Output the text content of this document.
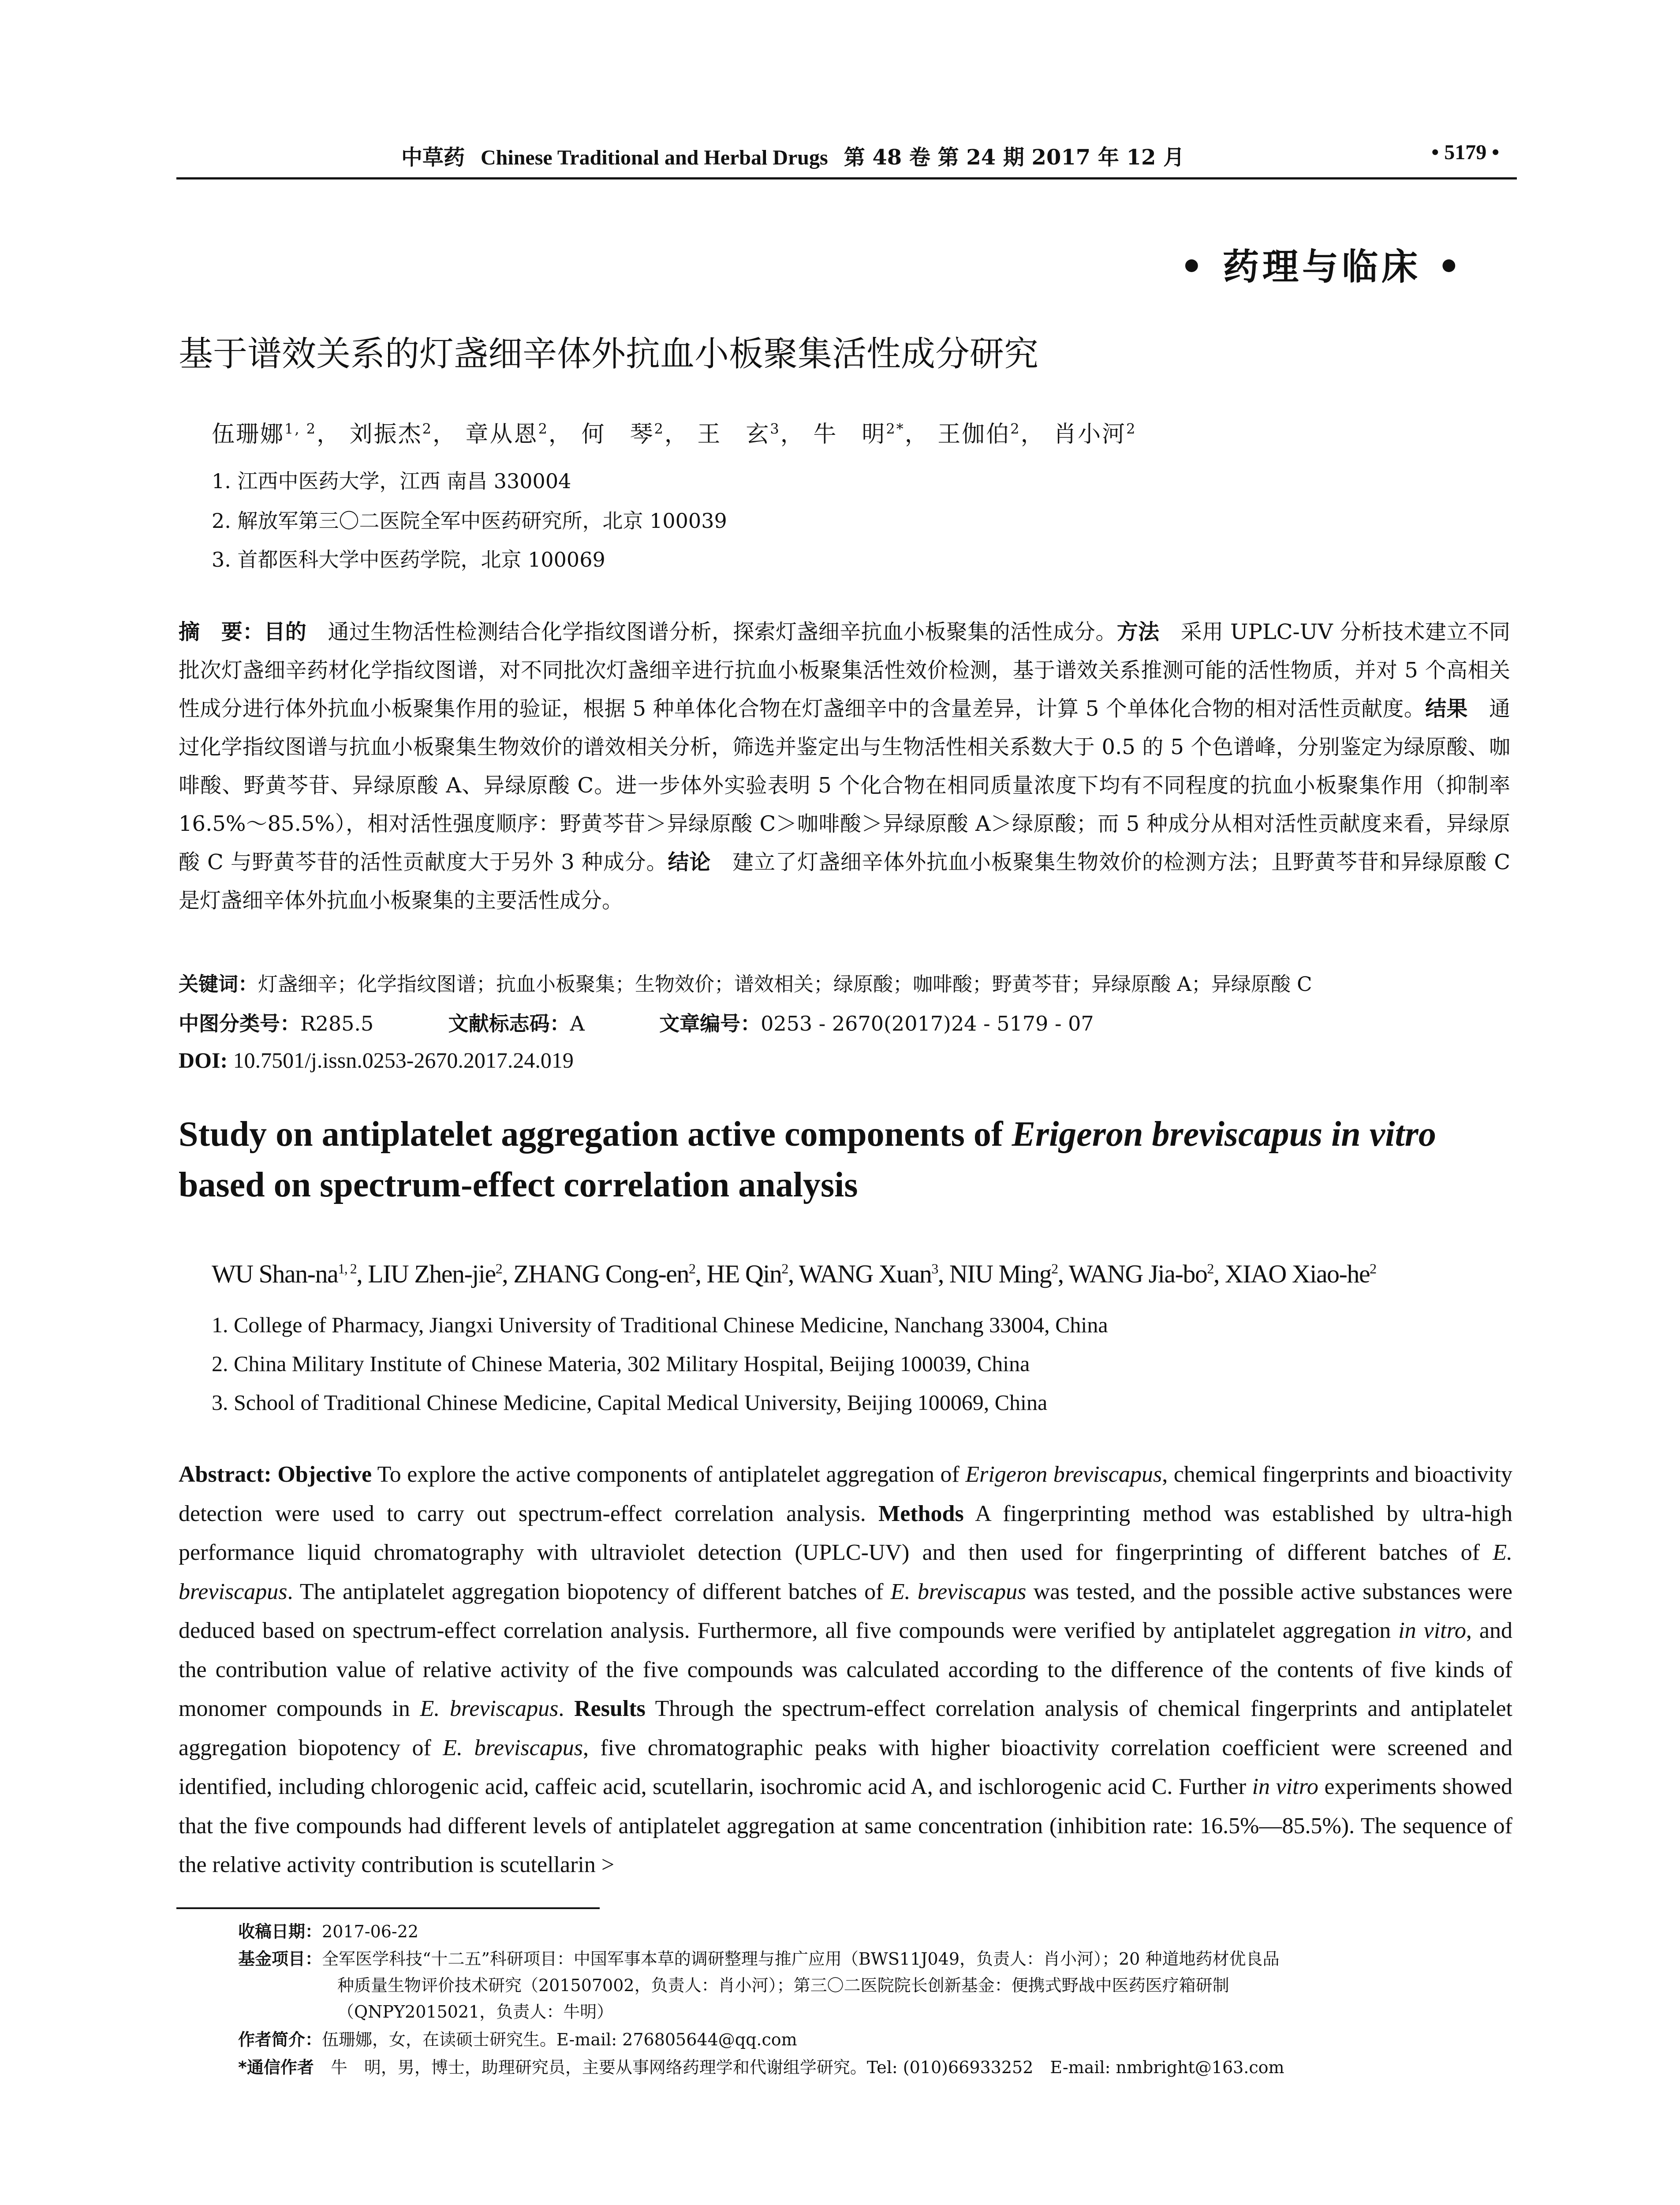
中草药 Chinese Traditional and Herbal Drugs 第 48 卷 第 24 期 2017 年 12 月	• 5179 •
• 药理与临床 •
基于谱效关系的灯盏细辛体外抗血小板聚集活性成分研究
伍珊娜$^{1, 2}$， 刘振杰$^2$， 章从恩$^2$， 何　琴$^2$， 王　玄$^3$， 牛　明$^{2*}$， 王伽伯$^2$， 肖小河$^2$
1. 江西中医药大学，江西 南昌 330004
2. 解放军第三〇二医院全军中医药研究所，北京 100039
3. 首都医科大学中医药学院，北京 100069
摘　要：目的　通过生物活性检测结合化学指纹图谱分析，探索灯盏细辛抗血小板聚集的活性成分。方法　采用 UPLC-UV 分析技术建立不同批次灯盏细辛药材化学指纹图谱，对不同批次灯盏细辛进行抗血小板聚集活性效价检测，基于谱效关系推测可能的活性物质，并对 5 个高相关性成分进行体外抗血小板聚集作用的验证，根据 5 种单体化合物在灯盏细辛中的含量差异，计算 5 个单体化合物的相对活性贡献度。结果　通过化学指纹图谱与抗血小板聚集生物效价的谱效相关分析，筛选并鉴定出与生物活性相关系数大于 0.5 的 5 个色谱峰，分别鉴定为绿原酸、咖啡酸、野黄芩苷、异绿原酸 A、异绿原酸 C。进一步体外实验表明 5 个化合物在相同质量浓度下均有不同程度的抗血小板聚集作用（抑制率 16.5%～85.5%），相对活性强度顺序：野黄芩苷＞异绿原酸 C＞咖啡酸＞异绿原酸 A＞绿原酸；而 5 种成分从相对活性贡献度来看，异绿原酸 C 与野黄芩苷的活性贡献度大于另外 3 种成分。结论　建立了灯盏细辛体外抗血小板聚集生物效价的检测方法；且野黄芩苷和异绿原酸 C 是灯盏细辛体外抗血小板聚集的主要活性成分。
关键词：灯盏细辛；化学指纹图谱；抗血小板聚集；生物效价；谱效相关；绿原酸；咖啡酸；野黄芩苷；异绿原酸 A；异绿原酸 C
中图分类号：R285.5	文献标志码：A	文章编号：0253 - 2670(2017)24 - 5179 - 07
DOI: 10.7501/j.issn.0253-2670.2017.24.019
Study on antiplatelet aggregation active components of Erigeron breviscapus in vitro based on spectrum-effect correlation analysis
WU Shan-na$^{1, 2}$, LIU Zhen-jie$^2$, ZHANG Cong-$en^2$, HE Qin$^2$, WANG Xuan$^3$, NIU Ming$^2$, WANG Jia-$bo^2$, XIAO Xiao-$he^2$
1. College of Pharmacy, Jiangxi University of Traditional Chinese Medicine, Nanchang 33004, China
2. China Military Institute of Chinese Materia, 302 Military Hospital, Beijing 100039, China
3. School of Traditional Chinese Medicine, Capital Medical University, Beijing 100069, China
Abstract: Objective To explore the active components of antiplatelet aggregation of Erigeron breviscapus, chemical fingerprints and bioactivity detection were used to carry out spectrum-effect correlation analysis. Methods A fingerprinting method was established by ultra-high performance liquid chromatography with ultraviolet detection (UPLC-UV) and then used for fingerprinting of different batches of E. breviscapus. The antiplatelet aggregation biopotency of different batches of E. breviscapus was tested, and the possible active substances were deduced based on spectrum-effect correlation analysis. Furthermore, all five compounds were verified by antiplatelet aggregation in vitro, and the contribution value of relative activity of the five compounds was calculated according to the difference of the contents of five kinds of monomer compounds in E. breviscapus. Results Through the spectrum-effect correlation analysis of chemical fingerprints and antiplatelet aggregation biopotency of E. breviscapus, five chromatographic peaks with higher bioactivity correlation coefficient were screened and identified, including chlorogenic acid, caffeic acid, scutellarin, isochromic acid A, and ischlorogenic acid C. Further in vitro experiments showed that the five compounds had different levels of antiplatelet aggregation at same concentration (inhibition rate: 16.5%—85.5%). The sequence of the relative activity contribution is scutellarin >
收稿日期：2017-06-22
基金项目：全军医学科技“十二五”科研项目：中国军事本草的调研整理与推广应用（BWS11J049，负责人：肖小河）；20 种道地药材优良品
种质量生物评价技术研究（201507002，负责人：肖小河）；第三〇二医院院长创新基金：便携式野战中医药医疗箱研制
（QNPY2015021，负责人：牛明）
作者简介：伍珊娜，女，在读硕士研究生。E-mail: 276805644@qq.com
*通信作者　牛　明，男，博士，助理研究员，主要从事网络药理学和代谢组学研究。Tel: (010)66933252　E-mail: nmbright@163.com
